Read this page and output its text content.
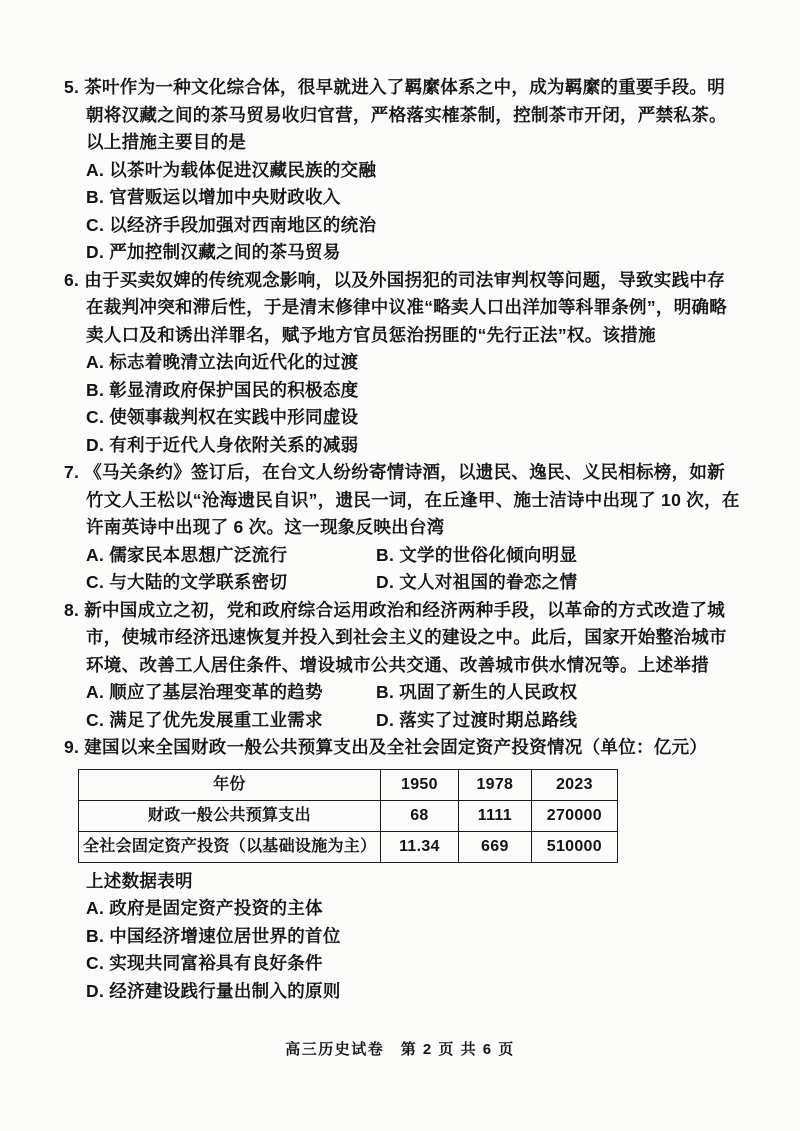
5. 茶叶作为一种文化综合体，很早就进入了羁縻体系之中，成为羁縻的重要手段。明朝将汉藏之间的茶马贸易收归官营，严格落实榷茶制，控制茶市开闭，严禁私茶。以上措施主要目的是
A. 以茶叶为载体促进汉藏民族的交融
B. 官营贩运以增加中央财政收入
C. 以经济手段加强对西南地区的统治
D. 严加控制汉藏之间的茶马贸易
6. 由于买卖奴婢的传统观念影响，以及外国拐犯的司法审判权等问题，导致实践中存在裁判冲突和滞后性，于是清末修律中议准“略卖人口出洋加等科罪条例”，明确略卖人口及和诱出洋罪名，赋予地方官员惩治拐匪的“先行正法”权。该措施
A. 标志着晚清立法向近代化的过渡
B. 彰显清政府保护国民的积极态度
C. 使领事裁判权在实践中形同虚设
D. 有利于近代人身依附关系的减弱
7. 《马关条约》签订后，在台文人纷纷寄情诗酒，以遗民、逸民、义民相标榜，如新竹文人王松以“沧海遗民自识”，遗民一词，在丘逢甲、施士洁诗中出现了 10 次，在许南英诗中出现了 6 次。这一现象反映出台湾
A. 儒家民本思想广泛流行	B. 文学的世俗化倾向明显
C. 与大陆的文学联系密切	D. 文人对祖国的眷恋之情
8. 新中国成立之初，党和政府综合运用政治和经济两种手段，以革命的方式改造了城市，使城市经济迅速恢复并投入到社会主义的建设之中。此后，国家开始整治城市环境、改善工人居住条件、增设城市公共交通、改善城市供水情况等。上述举措
A. 顺应了基层治理变革的趋势	B. 巩固了新生的人民政权
C. 满足了优先发展重工业需求	D. 落实了过渡时期总路线
9. 建国以来全国财政一般公共预算支出及全社会固定资产投资情况（单位：亿元）
年份	1950	1978	2023
财政一般公共预算支出	68	1111	270000
全社会固定资产投资（以基础设施为主）	11.34	669	510000
上述数据表明
A. 政府是固定资产投资的主体
B. 中国经济增速位居世界的首位
C. 实现共同富裕具有良好条件
D. 经济建设践行量出制入的原则
高三历史试卷　第 2 页 共 6 页
